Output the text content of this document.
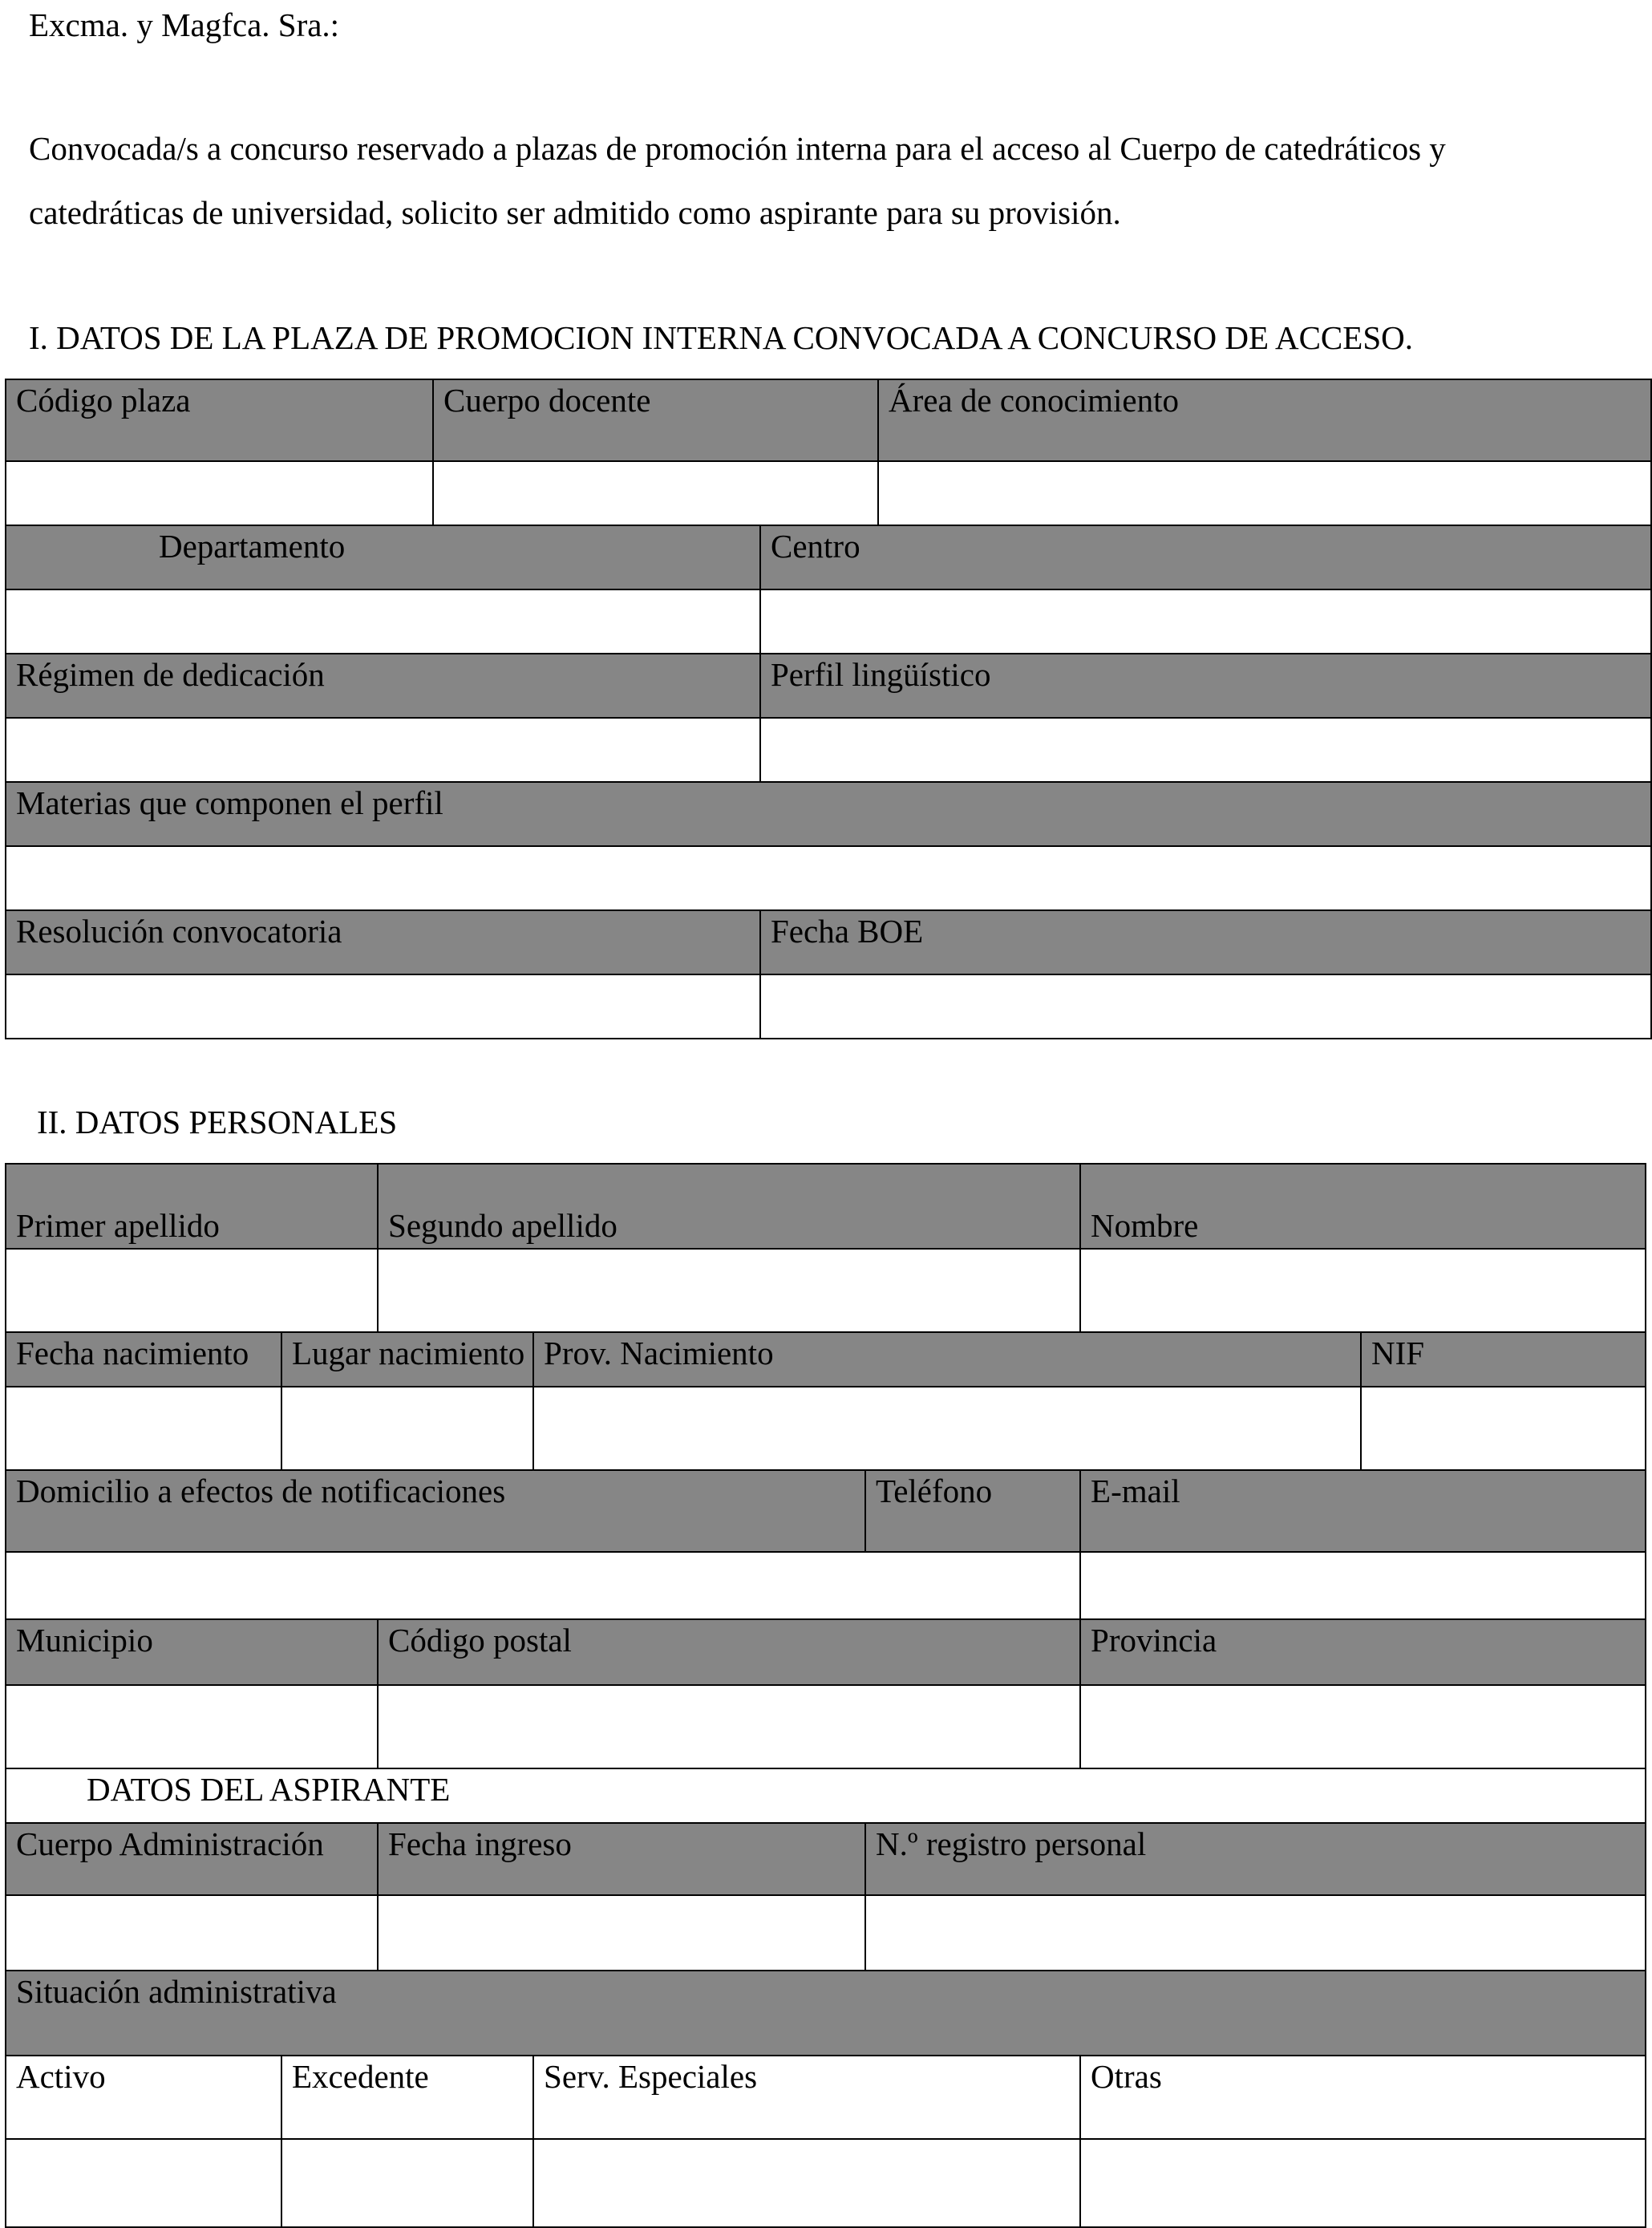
Excma. y Magfca. Sra.:
Convocada/s a concurso reservado a plazas de promoción interna para el acceso al Cuerpo de catedráticos y
catedráticas de universidad, solicito ser admitido como aspirante para su provisión.
I. DATOS DE LA PLAZA DE PROMOCION INTERNA CONVOCADA A CONCURSO DE ACCESO.
Código plaza	Cuerpo docente		Área de conocimiento

Departamento		Centro	

Régimen de dedicación		Perfil lingüístico	

Materias que componen el perfil			

Resolución convocatoria		Fecha BOE	

II. DATOS PERSONALES
Primer apellido		Segundo apellido			Nombre	

Fecha nacimiento	Lugar nacimiento		Prov. Nacimiento			NIF

Domicilio a efectos de notificaciones				Teléfono	E-mail	

Municipio		Código postal			Provincia	

DATOS DEL ASPIRANTE						
Cuerpo Administración		Fecha ingreso		N.º registro personal		

Situación administrativa						
Activo	Excedente		Serv. Especiales		Otras	
